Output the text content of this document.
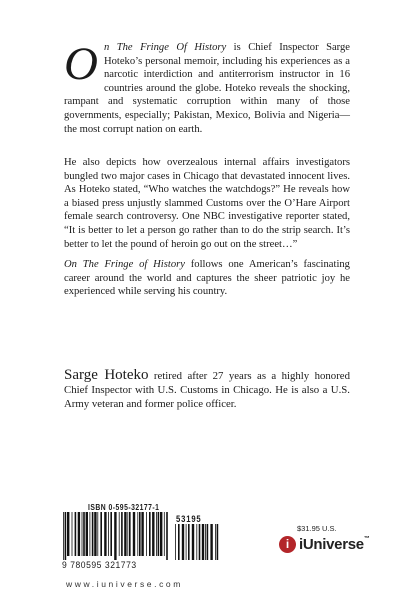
On The Fringe Of History is Chief Inspector Sarge Hoteko’s personal memoir, including his experiences as a narcotic interdiction and antiterrorism instructor in 16 countries around the globe. Hoteko reveals the shocking, rampant and systematic corruption within many of those governments, especially; Pakistan, Mexico, Bolivia and Nigeria—the most corrupt nation on earth.

He also depicts how overzealous internal affairs investigators bungled two major cases in Chicago that devastated innocent lives. As Hoteko stated, “Who watches the watchdogs?” He reveals how a biased press unjustly slammed Customs over the O’Hare Airport female search controversy. One NBC investigative reporter stated, “It is better to let a person go rather than to do the strip search. It’s better to let the pound of heroin go out on the street…”

On The Fringe of History follows one American’s fascinating career around the world and captures the sheer patriotic joy he experienced while serving his country.

Sarge Hoteko retired after 27 years as a highly honored Chief Inspector with U.S. Customs in Chicago. He is also a U.S. Army veteran and former police officer.

ISBN 0-595-32177-1
53195
9 780595 321773
$31.95 U.S.
i iUniverse™
www.iuniverse.com
